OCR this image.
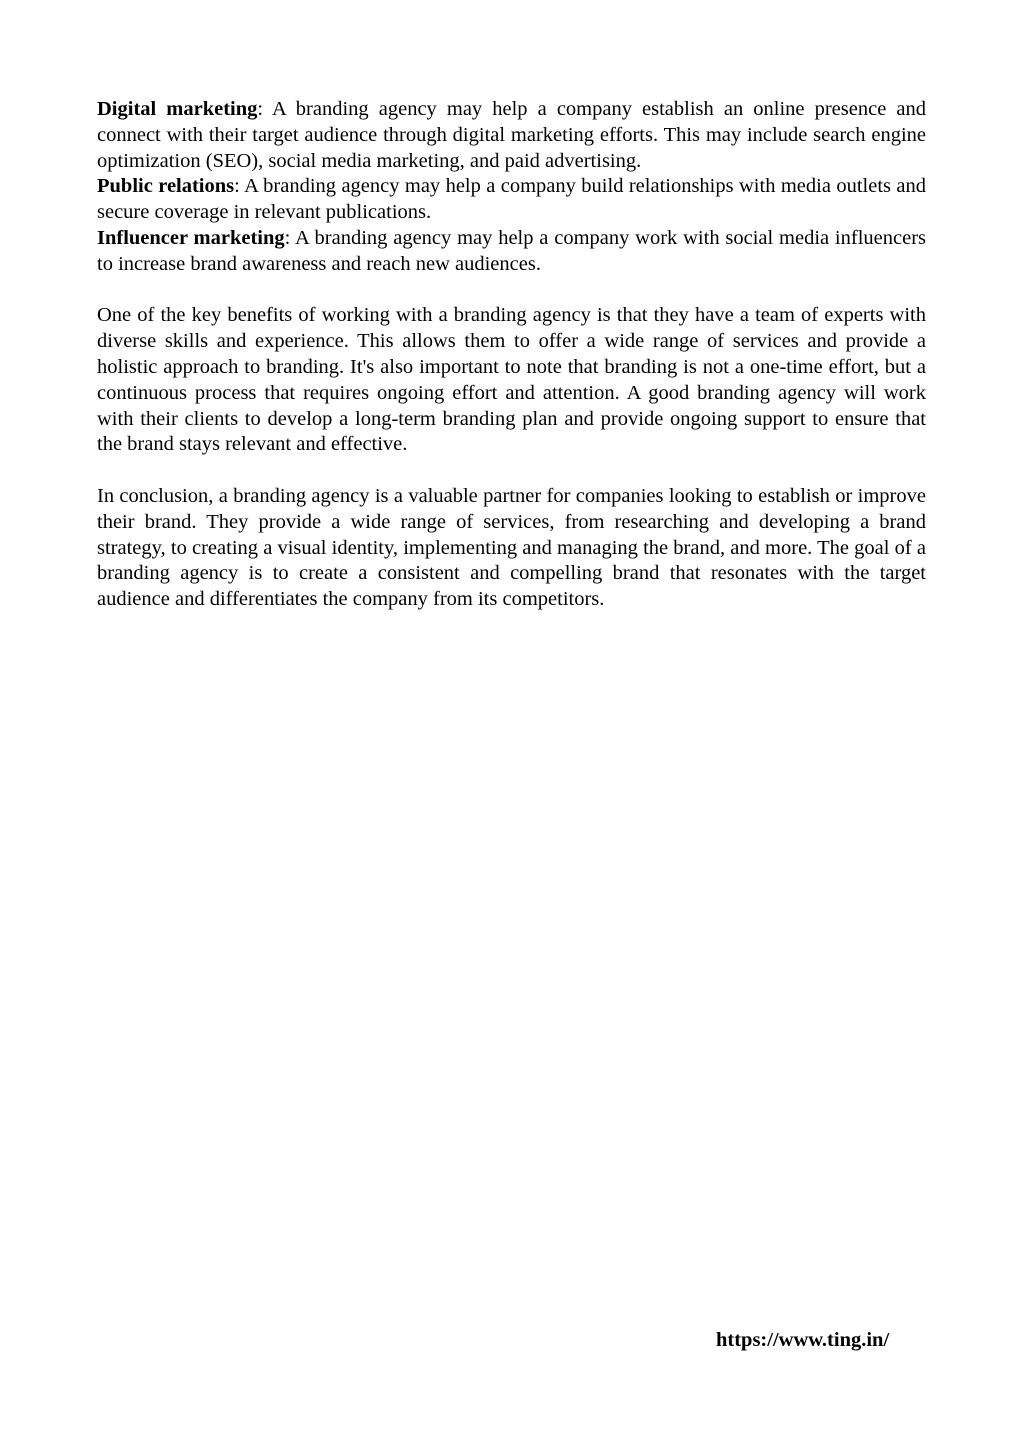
Digital marketing: A branding agency may help a company establish an online presence and connect with their target audience through digital marketing efforts. This may include search engine optimization (SEO), social media marketing, and paid advertising.

Public relations: A branding agency may help a company build relationships with media outlets and secure coverage in relevant publications.

Influencer marketing: A branding agency may help a company work with social media influencers to increase brand awareness and reach new audiences.

One of the key benefits of working with a branding agency is that they have a team of experts with diverse skills and experience. This allows them to offer a wide range of services and provide a holistic approach to branding. It's also important to note that branding is not a one-time effort, but a continuous process that requires ongoing effort and attention. A good branding agency will work with their clients to develop a long-term branding plan and provide ongoing support to ensure that the brand stays relevant and effective.

In conclusion, a branding agency is a valuable partner for companies looking to establish or improve their brand. They provide a wide range of services, from researching and developing a brand strategy, to creating a visual identity, implementing and managing the brand, and more. The goal of a branding agency is to create a consistent and compelling brand that resonates with the target audience and differentiates the company from its competitors.

https://www.ting.in/
